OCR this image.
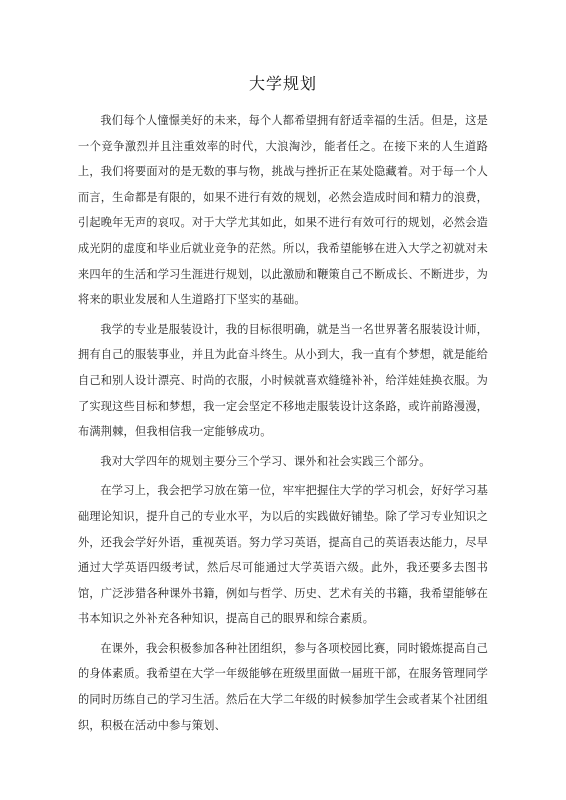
大学规划

我们每个人憧憬美好的未来，每个人都希望拥有舒适幸福的生活。但是，这是一个竞争激烈并且注重效率的时代，大浪淘沙，能者任之。在接下来的人生道路上，我们将要面对的是无数的事与物，挑战与挫折正在某处隐藏着。对于每一个人而言，生命都是有限的，如果不进行有效的规划，必然会造成时间和精力的浪费，引起晚年无声的哀叹。对于大学尤其如此，如果不进行有效可行的规划，必然会造成光阴的虚度和毕业后就业竞争的茫然。所以，我希望能够在进入大学之初就对未来四年的生活和学习生涯进行规划，以此激励和鞭策自己不断成长、不断进步，为将来的职业发展和人生道路打下坚实的基础。

我学的专业是服装设计，我的目标很明确，就是当一名世界著名服装设计师，拥有自己的服装事业，并且为此奋斗终生。从小到大，我一直有个梦想，就是能给自己和别人设计漂亮、时尚的衣服，小时候就喜欢缝缝补补，给洋娃娃换衣服。为了实现这些目标和梦想，我一定会坚定不移地走服装设计这条路，或许前路漫漫，布满荆棘，但我相信我一定能够成功。

我对大学四年的规划主要分三个学习、课外和社会实践三个部分。

在学习上，我会把学习放在第一位，牢牢把握住大学的学习机会，好好学习基础理论知识，提升自己的专业水平，为以后的实践做好铺垫。除了学习专业知识之外，还我会学好外语，重视英语。努力学习英语，提高自己的英语表达能力，尽早通过大学英语四级考试，然后尽可能通过大学英语六级。此外，我还要多去图书馆，广泛涉猎各种课外书籍，例如与哲学、历史、艺术有关的书籍，我希望能够在书本知识之外补充各种知识，提高自己的眼界和综合素质。

在课外，我会积极参加各种社团组织，参与各项校园比赛，同时锻炼提高自己的身体素质。我希望在大学一年级能够在班级里面做一届班干部，在服务管理同学的同时历练自己的学习生活。然后在大学二年级的时候参加学生会或者某个社团组织，积极在活动中参与策划、
